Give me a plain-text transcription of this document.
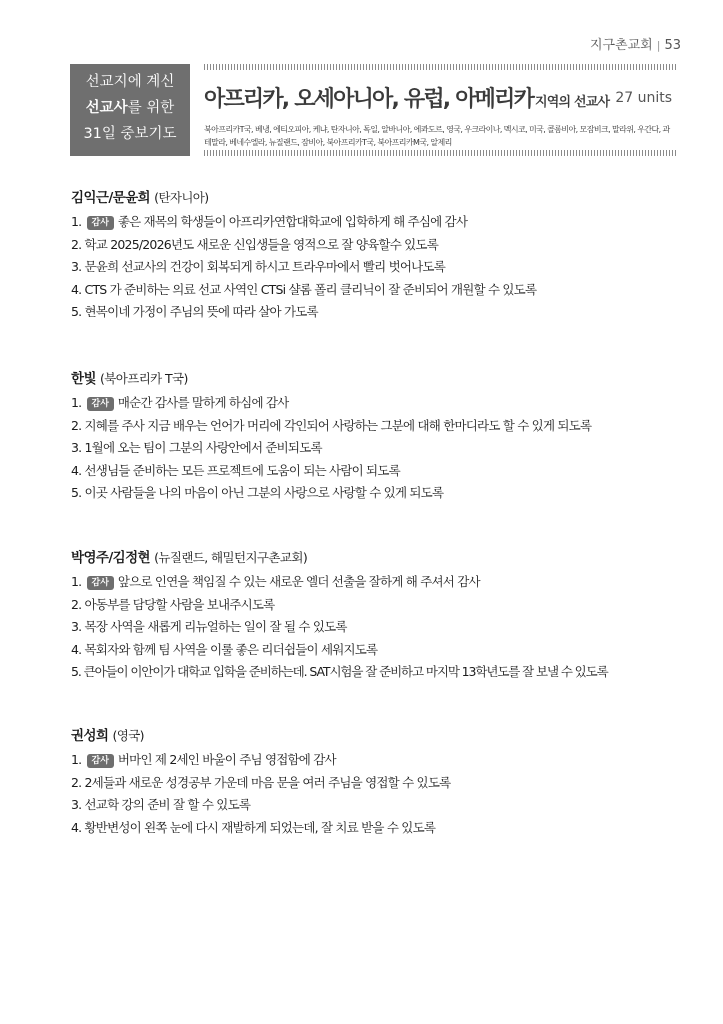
지구촌교회 | 53
선교지에 계신
선교사를 위한
31일 중보기도
아프리카, 오세아니아, 유럽, 아메리카 지역의 선교사 27 units
북아프리카T국, 베냉, 에티오피아, 케냐, 탄자니아, 독일, 알바니아, 에콰도르, 영국, 우크라이나, 멕시코, 미국, 콜롬비아, 모잠비크, 말라위, 우간다, 과테말라, 베네수엘라, 뉴질랜드, 잠비아, 북아프리카T국, 북아프리카M국, 알제리
김익근/문윤희 (탄자니아)
1. 감사 좋은 재목의 학생들이 아프리카연합대학교에 입학하게 해 주심에 감사
2. 학교 2025/2026년도 새로운 신입생들을 영적으로 잘 양육할수 있도록
3. 문윤희 선교사의 건강이 회복되게 하시고 트라우마에서 빨리 벗어나도록
4. CTS 가 준비하는 의료 선교 사역인 CTSi 샬롬 폴리 클리닉이 잘 준비되어 개원할 수 있도록
5. 현목이네 가정이 주님의 뜻에 따라 살아 가도록
한빛 (북아프리카 T국)
1. 감사 매순간 감사를 말하게 하심에 감사
2. 지혜를 주사 지금 배우는 언어가 머리에 각인되어 사랑하는 그분에 대해 한마디라도 할 수 있게 되도록
3. 1월에 오는 팀이 그분의 사랑안에서 준비되도록
4. 선생님들 준비하는 모든 프로젝트에 도움이 되는 사람이 되도록
5. 이곳 사람들을 나의 마음이 아닌 그분의 사랑으로 사랑할 수 있게 되도록
박영주/김정현 (뉴질랜드, 해밀턴지구촌교회)
1. 감사 앞으로 인연을 책임질 수 있는 새로운 엘더 선출을 잘하게 해 주셔서 감사
2. 아동부를 담당할 사람을 보내주시도록
3. 목장 사역을 새롭게 리뉴얼하는 일이 잘 될 수 있도록
4. 목회자와 함께 팀 사역을 이룰 좋은 리더쉽들이 세워지도록
5. 큰아들이 이안이가 대학교 입학을 준비하는데. SAT시험을 잘 준비하고 마지막 13학년도를 잘 보낼 수 있도록
권성희 (영국)
1. 감사 버마인 제 2세인 바울이 주님 영접함에 감사
2. 2세들과 새로운 성경공부 가운데 마음 문을 여러 주님을 영접할 수 있도록
3. 선교학 강의 준비 잘 할 수 있도록
4. 황반변성이 왼쪽 눈에 다시 재발하게 되었는데, 잘 치료 받을 수 있도록
